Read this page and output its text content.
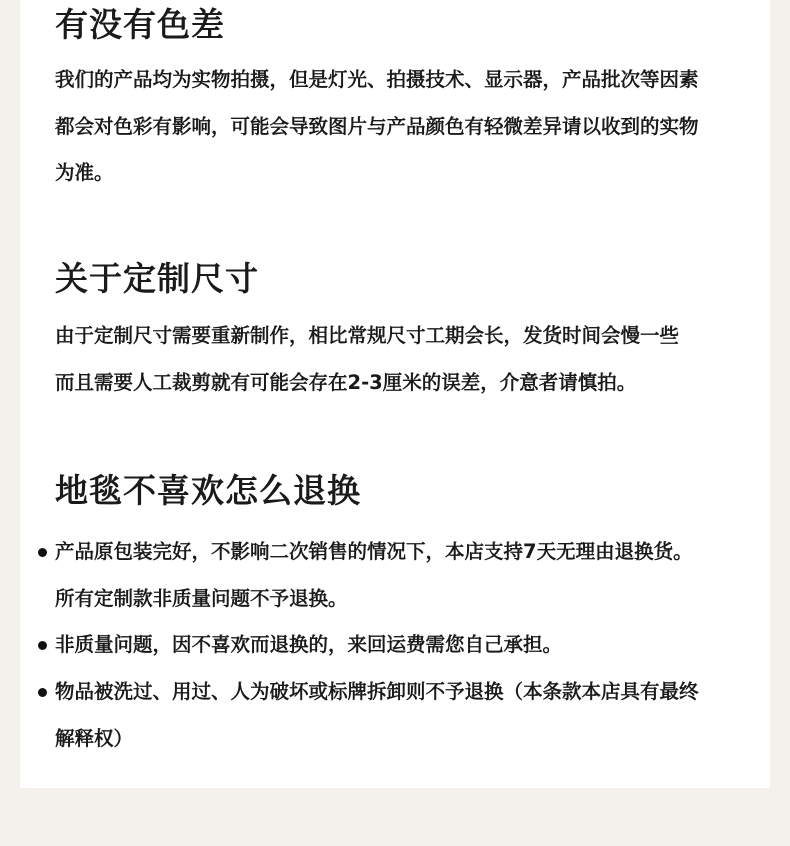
有没有色差
我们的产品均为实物拍摄，但是灯光、拍摄技术、显示器，产品批次等因素
都会对色彩有影响，可能会导致图片与产品颜色有轻微差异请以收到的实物
为准。
关于定制尺寸
由于定制尺寸需要重新制作，相比常规尺寸工期会长，发货时间会慢一些
而且需要人工裁剪就有可能会存在2-3厘米的误差，介意者请慎拍。
地毯不喜欢怎么退换
产品原包装完好，不影响二次销售的情况下，本店支持7天无理由退换货。
所有定制款非质量问题不予退换。
非质量问题，因不喜欢而退换的，来回运费需您自己承担。
物品被洗过、用过、人为破坏或标牌拆卸则不予退换（本条款本店具有最终
解释权）
